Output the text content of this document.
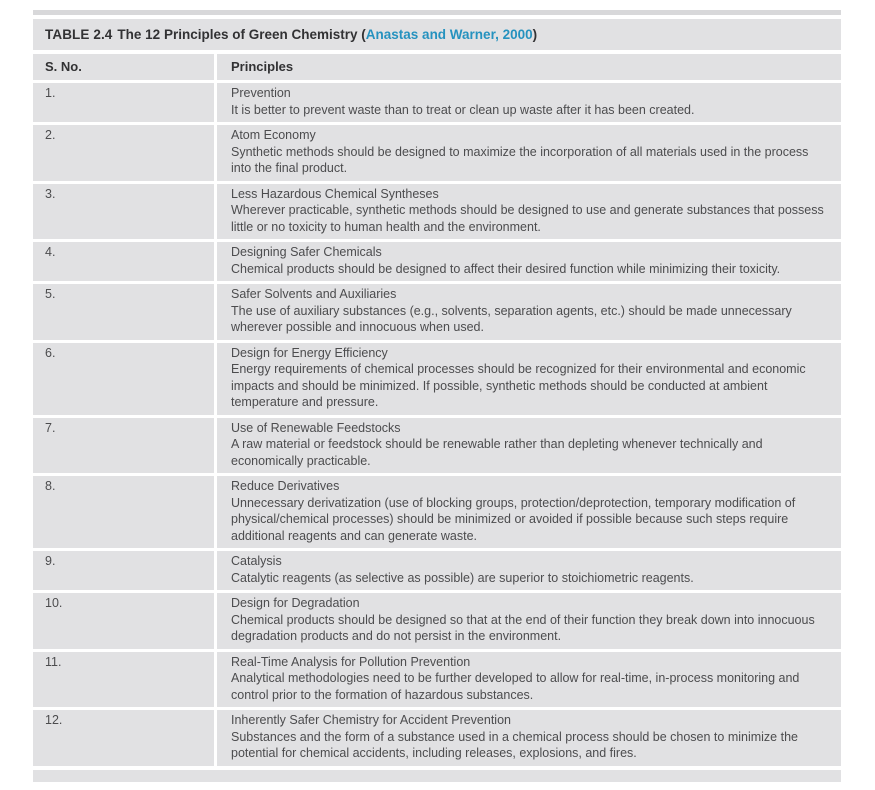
TABLE 2.4 The 12 Principles of Green Chemistry (Anastas and Warner, 2000)
S. No.	Principles
1.	Prevention
It is better to prevent waste than to treat or clean up waste after it has been created.
2.	Atom Economy
Synthetic methods should be designed to maximize the incorporation of all materials used in the process into the final product.
3.	Less Hazardous Chemical Syntheses
Wherever practicable, synthetic methods should be designed to use and generate substances that possess little or no toxicity to human health and the environment.
4.	Designing Safer Chemicals
Chemical products should be designed to affect their desired function while minimizing their toxicity.
5.	Safer Solvents and Auxiliaries
The use of auxiliary substances (e.g., solvents, separation agents, etc.) should be made unnecessary wherever possible and innocuous when used.
6.	Design for Energy Efficiency
Energy requirements of chemical processes should be recognized for their environmental and economic impacts and should be minimized. If possible, synthetic methods should be conducted at ambient temperature and pressure.
7.	Use of Renewable Feedstocks
A raw material or feedstock should be renewable rather than depleting whenever technically and economically practicable.
8.	Reduce Derivatives
Unnecessary derivatization (use of blocking groups, protection/deprotection, temporary modification of physical/chemical processes) should be minimized or avoided if possible because such steps require additional reagents and can generate waste.
9.	Catalysis
Catalytic reagents (as selective as possible) are superior to stoichiometric reagents.
10.	Design for Degradation
Chemical products should be designed so that at the end of their function they break down into innocuous degradation products and do not persist in the environment.
11.	Real-Time Analysis for Pollution Prevention
Analytical methodologies need to be further developed to allow for real-time, in-process monitoring and control prior to the formation of hazardous substances.
12.	Inherently Safer Chemistry for Accident Prevention
Substances and the form of a substance used in a chemical process should be chosen to minimize the potential for chemical accidents, including releases, explosions, and fires.
